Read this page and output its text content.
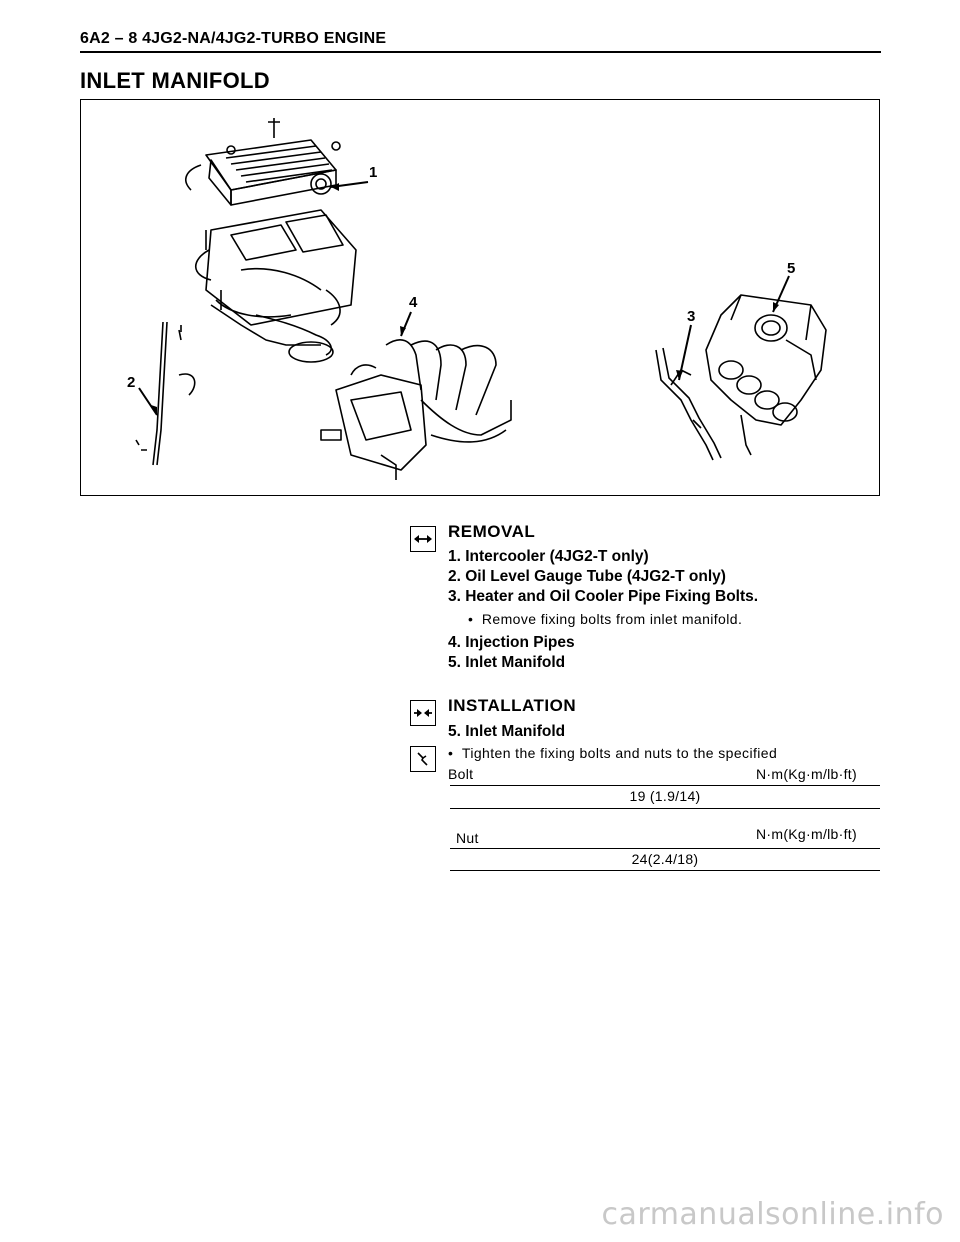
6A2 – 8 4JG2-NA/4JG2-TURBO ENGINE
INLET MANIFOLD
1
2
3
4
5
REMOVAL
1. Intercooler (4JG2-T only)
2. Oil Level Gauge Tube (4JG2-T only)
3. Heater and Oil Cooler Pipe Fixing Bolts.
• Remove fixing bolts from inlet manifold.
4. Injection Pipes
5. Inlet Manifold
INSTALLATION
5. Inlet Manifold
• Tighten the fixing bolts and nuts to the specified
Bolt	N·m(Kg·m/lb·ft)
19 (1.9/14)
Nut	N·m(Kg·m/lb·ft)
24(2.4/18)
carmanualsonline.info
